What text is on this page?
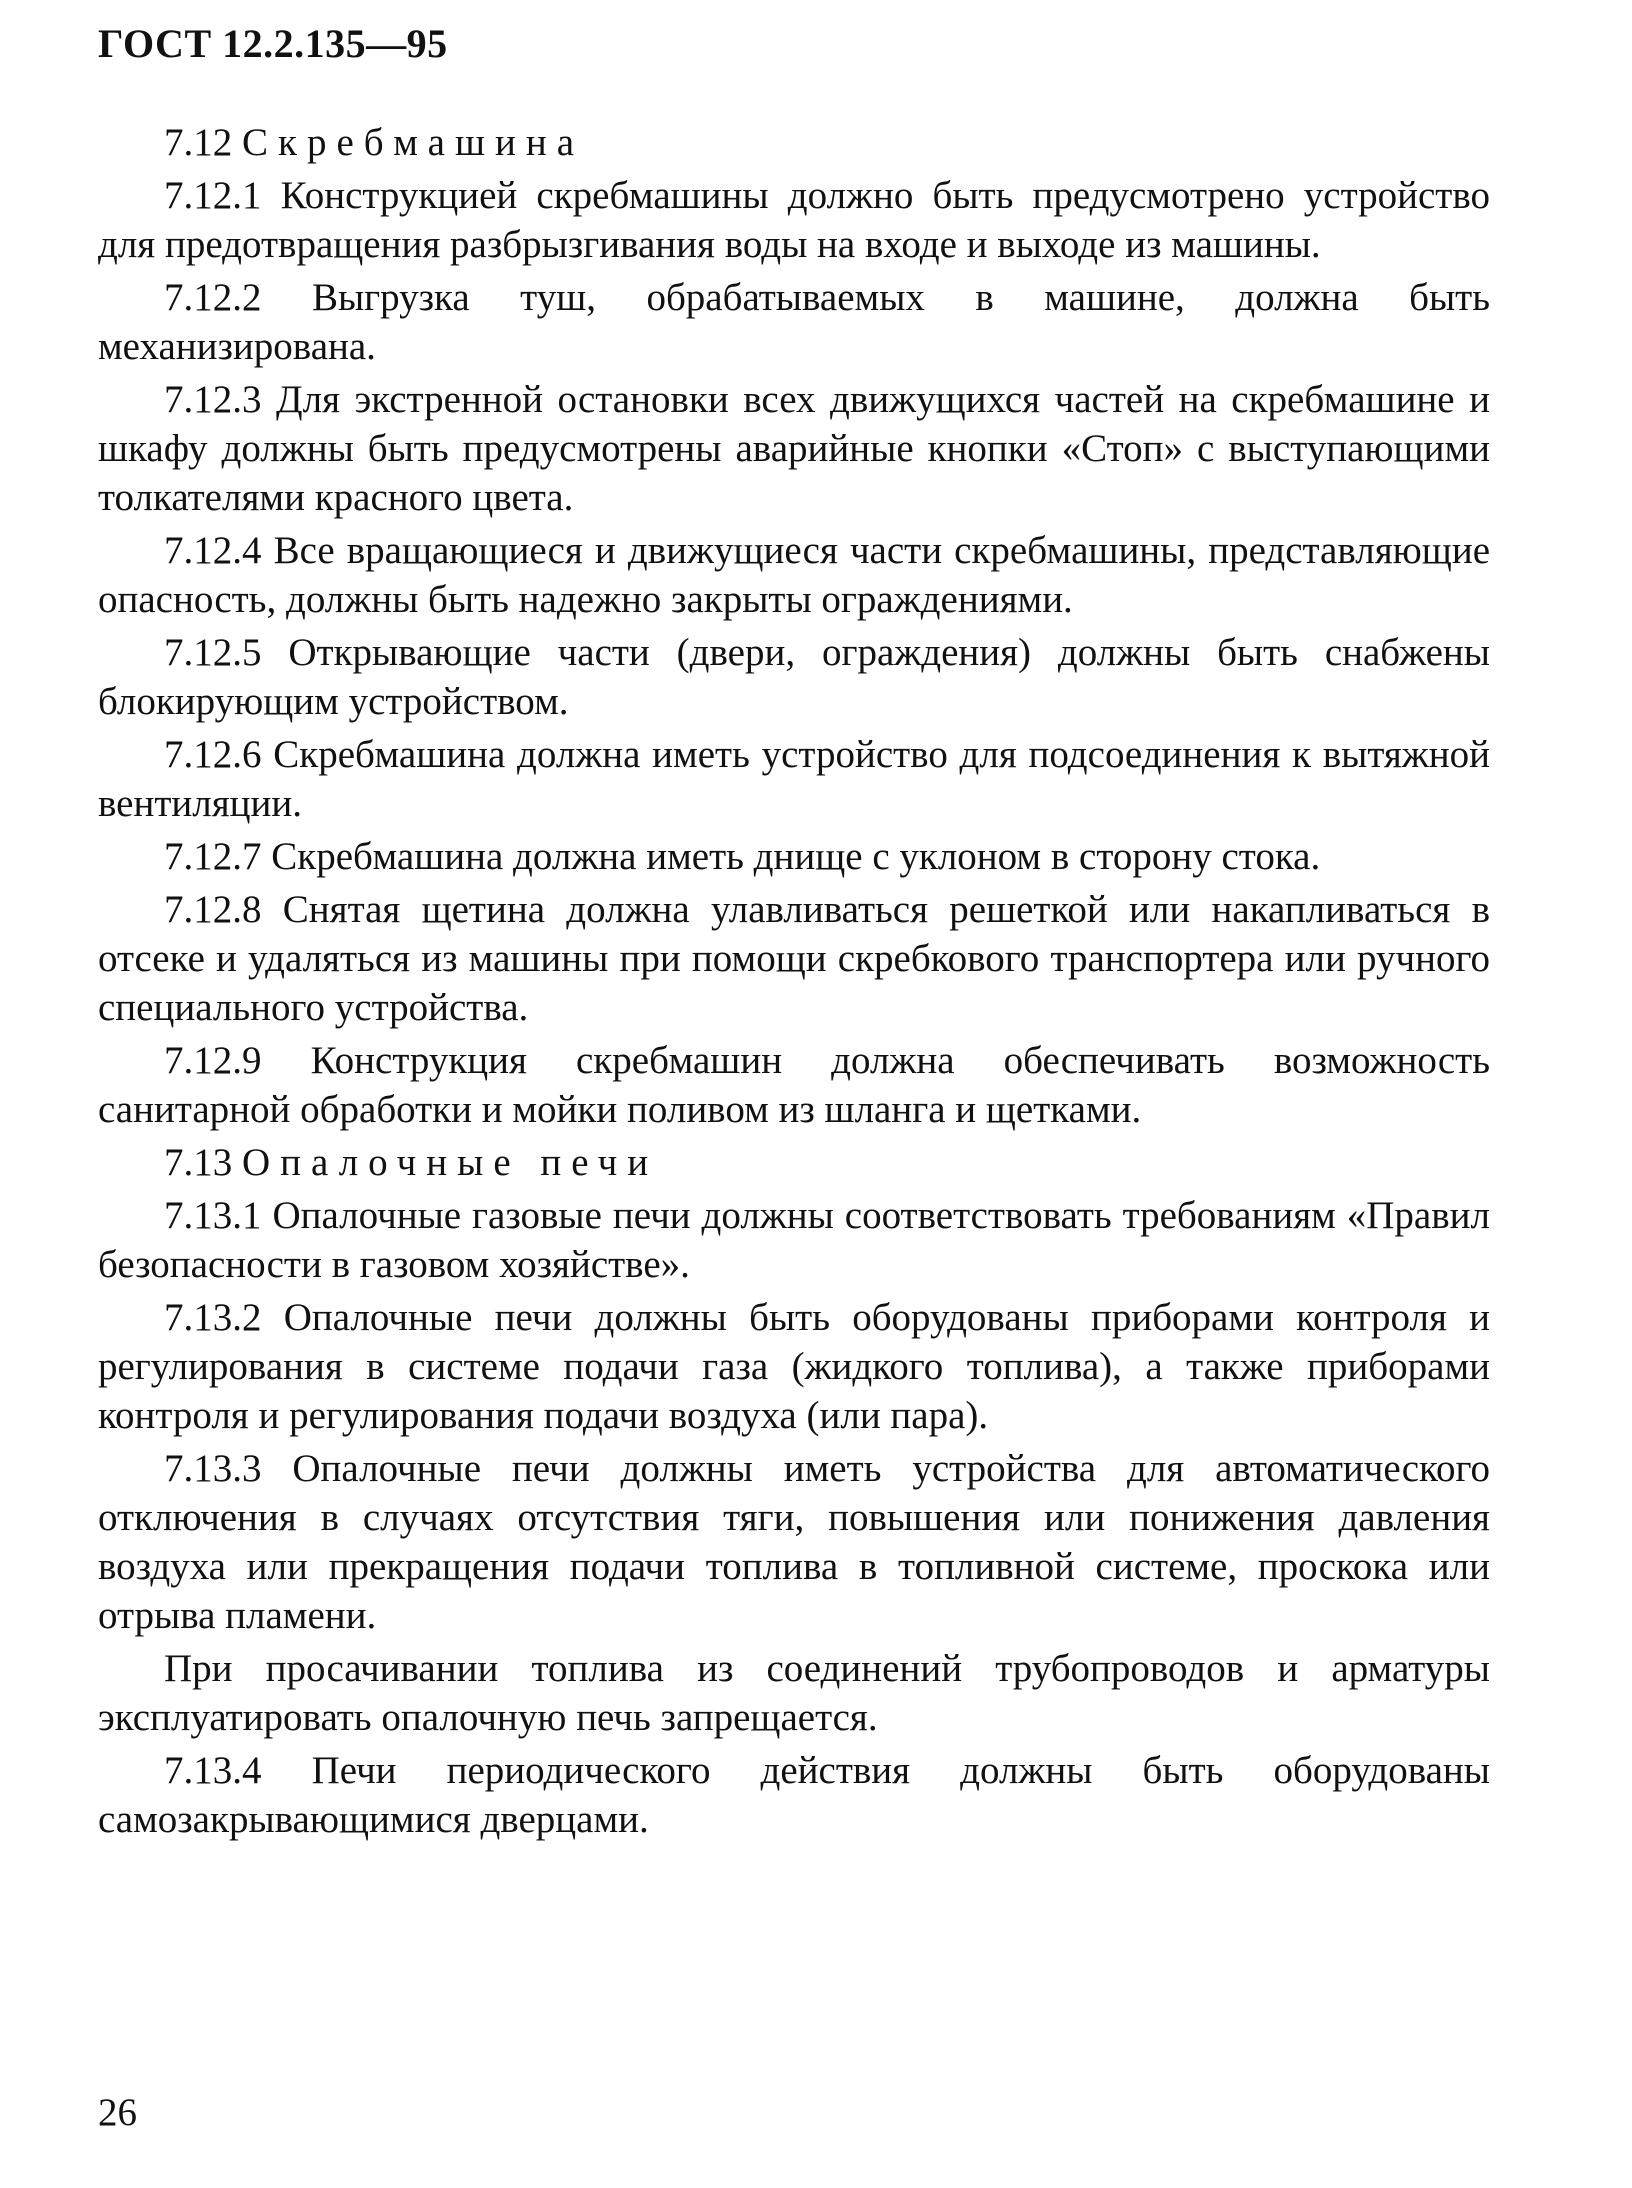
ГОСТ 12.2.135—95

7.12 Скребмашина

7.12.1 Конструкцией скребмашины должно быть предусмотрено устройство для предотвращения разбрызгивания воды на входе и выходе из машины.

7.12.2 Выгрузка туш, обрабатываемых в машине, должна быть механизирована.

7.12.3 Для экстренной остановки всех движущихся частей на скребмашине и шкафу должны быть предусмотрены аварийные кнопки «Стоп» с выступающими толкателями красного цвета.

7.12.4 Все вращающиеся и движущиеся части скребмашины, представляющие опасность, должны быть надежно закрыты ограждениями.

7.12.5 Открывающие части (двери, ограждения) должны быть снабжены блокирующим устройством.

7.12.6 Скребмашина должна иметь устройство для подсоединения к вытяжной вентиляции.

7.12.7 Скребмашина должна иметь днище с уклоном в сторону стока.

7.12.8 Снятая щетина должна улавливаться решеткой или накапливаться в отсеке и удаляться из машины при помощи скребкового транспортера или ручного специального устройства.

7.12.9 Конструкция скребмашин должна обеспечивать возможность санитарной обработки и мойки поливом из шланга и щетками.

7.13 Опалочные печи

7.13.1 Опалочные газовые печи должны соответствовать требованиям «Правил безопасности в газовом хозяйстве».

7.13.2 Опалочные печи должны быть оборудованы приборами контроля и регулирования в системе подачи газа (жидкого топлива), а также приборами контроля и регулирования подачи воздуха (или пара).

7.13.3 Опалочные печи должны иметь устройства для автоматического отключения в случаях отсутствия тяги, повышения или понижения давления воздуха или прекращения подачи топлива в топливной системе, проскока или отрыва пламени.

При просачивании топлива из соединений трубопроводов и арматуры эксплуатировать опалочную печь запрещается.

7.13.4 Печи периодического действия должны быть оборудованы самозакрывающимися дверцами.

26
